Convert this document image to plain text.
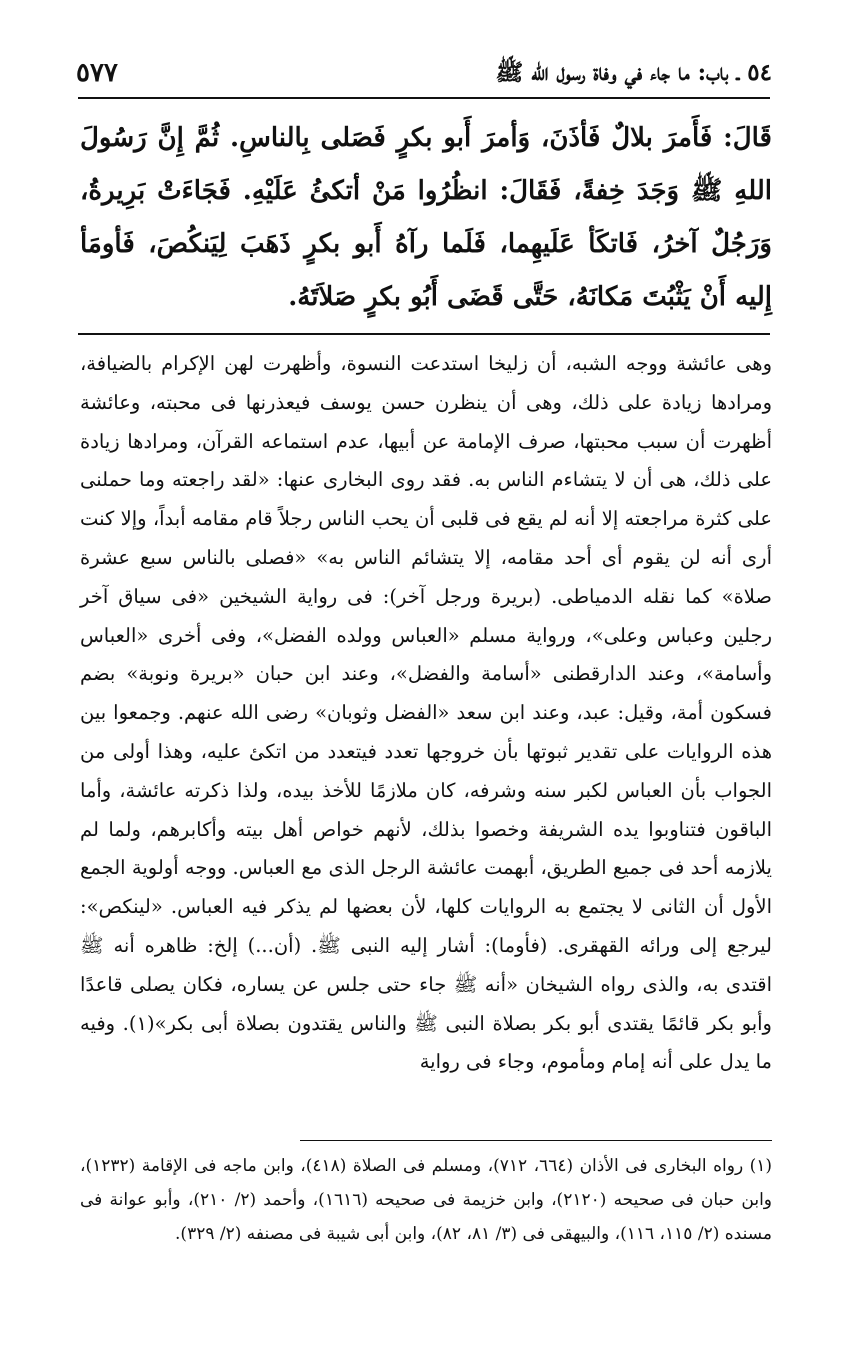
٥٤ ـ باب: ما جاء في وفاة رسول الله ﷺ
٥٧٧

قَالَ: فَأَمرَ بلالٌ فَأذَنَ، وَأمرَ أَبو بكرٍ فَصَلى بِالناسِ. ثُمَّ إِنَّ رَسُولَ اللهِ ﷺ وَجَدَ خِفةً، فَقَالَ: انظُرُوا مَنْ أتكئُ عَلَيْهِ. فَجَاءَتْ بَرِيرةُ، وَرَجُلٌ آخرُ، فَاتكَأ عَلَيهِما، فَلَما رآهُ أَبو بكرٍ ذَهَبَ لِيَنكُصَ، فَأومَأ إِليه أَنْ يَثْبُتَ مَكانَهُ، حَتَّى قَضَى أَبُو بكرٍ صَلاَتَهُ.

وهى عائشة ووجه الشبه، أن زليخا استدعت النسوة، وأظهرت لهن الإكرام بالضيافة، ومرادها زيادة على ذلك، وهى أن ينظرن حسن يوسف فيعذرنها فى محبته، وعائشة أظهرت أن سبب محبتها، صرف الإمامة عن أبيها، عدم استماعه القرآن، ومرادها زيادة على ذلك، هى أن لا يتشاءم الناس به. فقد روى البخارى عنها: «لقد راجعته وما حملنى على كثرة مراجعته إلا أنه لم يقع فى قلبى أن يحب الناس رجلاً قام مقامه أبداً، وإلا كنت أرى أنه لن يقوم أى أحد مقامه، إلا يتشائم الناس به» «فصلى بالناس سبع عشرة صلاة» كما نقله الدمياطى. (بريرة ورجل آخر): فى رواية الشيخين «فى سياق آخر رجلين وعباس وعلى»، ورواية مسلم «العباس وولده الفضل»، وفى أخرى «العباس وأسامة»، وعند الدارقطنى «أسامة والفضل»، وعند ابن حبان «بريرة ونوبة» بضم فسكون أمة، وقيل: عبد، وعند ابن سعد «الفضل وثوبان» رضى الله عنهم. وجمعوا بين هذه الروايات على تقدير ثبوتها بأن خروجها تعدد فيتعدد من اتكئ عليه، وهذا أولى من الجواب بأن العباس لكبر سنه وشرفه، كان ملازمًا للأخذ بيده، ولذا ذكرته عائشة، وأما الباقون فتناوبوا يده الشريفة وخصوا بذلك، لأنهم خواص أهل بيته وأكابرهم، ولما لم يلازمه أحد فى جميع الطريق، أبهمت عائشة الرجل الذى مع العباس. ووجه أولوية الجمع الأول أن الثانى لا يجتمع به الروايات كلها، لأن بعضها لم يذكر فيه العباس. «لينكص»: ليرجع إلى ورائه القهقرى. (فأوما): أشار إليه النبى ﷺ. (أن...) إلخ: ظاهره أنه ﷺ اقتدى به، والذى رواه الشيخان «أنه ﷺ جاء حتى جلس عن يساره، فكان يصلى قاعدًا وأبو بكر قائمًا يقتدى أبو بكر بصلاة النبى ﷺ والناس يقتدون بصلاة أبى بكر»(١). وفيه ما يدل على أنه إمام ومأموم، وجاء فى رواية

(١) رواه البخارى فى الأذان (٦٦٤، ٧١٢)، ومسلم فى الصلاة (٤١٨)، وابن ماجه فى الإقامة (١٢٣٢)، وابن حبان فى صحيحه (٢١٢٠)، وابن خزيمة فى صحيحه (١٦١٦)، وأحمد (٢/ ٢١٠)، وأبو عوانة فى مسنده (٢/ ١١٥، ١١٦)، والبيهقى فى (٣/ ٨١، ٨٢)، وابن أبى شيبة فى مصنفه (٢/ ٣٢٩).
